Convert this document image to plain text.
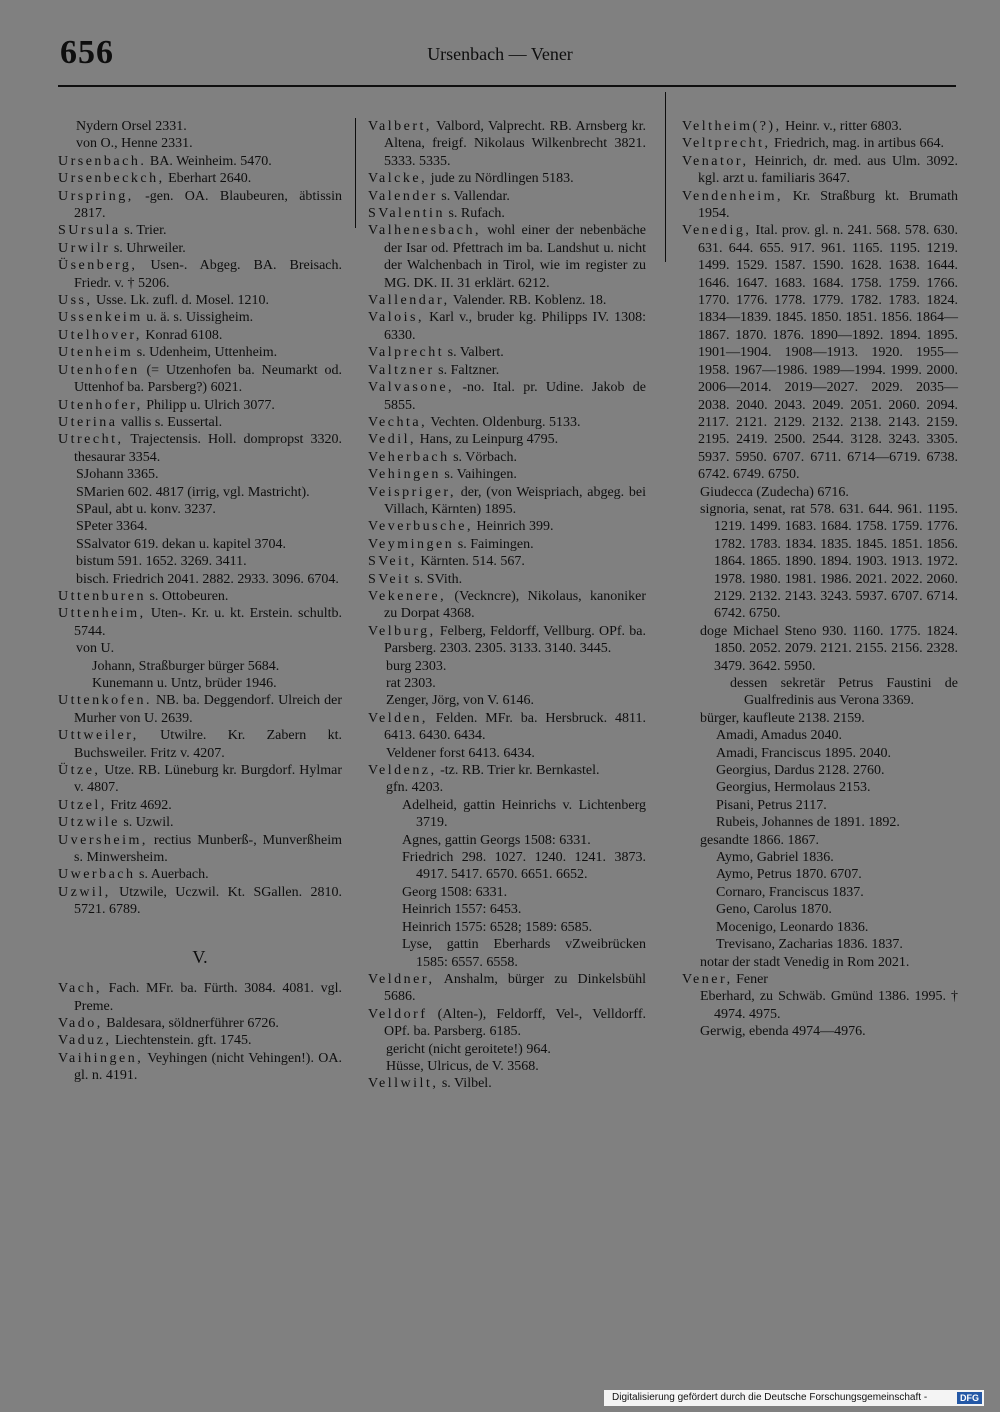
656	Ursenbach — Vener
Nydern Orsel 2331.
von O., Henne 2331.
Ursenbach. BA. Weinheim. 5470.
Ursenbeckch, Eberhart 2640.
Urspring, -gen. OA. Blaubeuren, äbtissin 2817.
SUrsula s. Trier.
Urwilr s. Uhrweiler.
Üsenberg, Usen-. Abgeg. BA. Breisach. Friedr. v. † 5206.
Uss, Usse. Lk. zufl. d. Mosel. 1210.
Ussenkeim u. ä. s. Uissigheim.
Utelhover, Konrad 6108.
Utenheim s. Udenheim, Uttenheim.
Utenhofen (= Utzenhofen ba. Neumarkt od. Uttenhof ba. Parsberg?) 6021.
Utenhofer, Philipp u. Ulrich 3077.
Uterina vallis s. Eussertal.
Utrecht, Trajectensis. Holl. dompropst 3320. thesaurar 3354.
SJohann 3365.
SMarien 602. 4817 (irrig, vgl. Mastricht).
SPaul, abt u. konv. 3237.
SPeter 3364.
SSalvator 619. dekan u. kapitel 3704.
bistum 591. 1652. 3269. 3411.
bisch. Friedrich 2041. 2882. 2933. 3096. 6704.
Uttenburen s. Ottobeuren.
Uttenheim, Uten-. Kr. u. kt. Erstein. schultb. 5744.
von U.
Johann, Straßburger bürger 5684.
Kunemann u. Untz, brüder 1946.
Uttenkofen. NB. ba. Deggendorf. Ulreich der Murher von U. 2639.
Uttweiler, Utwilre. Kr. Zabern kt. Buchsweiler. Fritz v. 4207.
Ütze, Utze. RB. Lüneburg kr. Burgdorf. Hylmar v. 4807.
Utzel, Fritz 4692.
Utzwile s. Uzwil.
Uversheim, rectius Munberß-, Munverßheim s. Minwersheim.
Uwerbach s. Auerbach.
Uzwil, Utzwile, Uczwil. Kt. SGallen. 2810. 5721. 6789.
V.
Vach, Fach. MFr. ba. Fürth. 3084. 4081. vgl. Preme.
Vado, Baldesara, söldnerführer 6726.
Vaduz, Liechtenstein. gft. 1745.
Vaihingen, Veyhingen (nicht Vehingen!). OA. gl. n. 4191.
Valbert, Valbord, Valprecht. RB. Arnsberg kr. Altena, freigf. Nikolaus Wilkenbrecht 3821. 5333. 5335.
Valcke, jude zu Nördlingen 5183.
Valender s. Vallendar.
SValentin s. Rufach.
Valhenesbach, wohl einer der nebenbäche der Isar od. Pfettrach im ba. Landshut u. nicht der Walchenbach in Tirol, wie im register zu MG. DK. II. 31 erklärt. 6212.
Vallendar, Valender. RB. Koblenz. 18.
Valois, Karl v., bruder kg. Philipps IV. 1308: 6330.
Valprecht s. Valbert.
Valtzner s. Faltzner.
Valvasone, -no. Ital. pr. Udine. Jakob de 5855.
Vechta, Vechten. Oldenburg. 5133.
Vedil, Hans, zu Leinpurg 4795.
Veherbach s. Vörbach.
Vehingen s. Vaihingen.
Veispriger, der, (von Weispriach, abgeg. bei Villach, Kärnten) 1895.
Veverbusche, Heinrich 399.
Veymingen s. Faimingen.
SVeit, Kärnten. 514. 567.
SVeit s. SVith.
Vekenere, (Veckncre), Nikolaus, kanoniker zu Dorpat 4368.
Velburg, Felberg, Feldorff, Vellburg. OPf. ba. Parsberg. 2303. 2305. 3133. 3140. 3445.
burg 2303.
rat 2303.
Zenger, Jörg, von V. 6146.
Velden, Felden. MFr. ba. Hersbruck. 4811. 6413. 6430. 6434.
Veldener forst 6413. 6434.
Veldenz, -tz. RB. Trier kr. Bernkastel.
gfn. 4203.
Adelheid, gattin Heinrichs v. Lichtenberg 3719.
Agnes, gattin Georgs 1508: 6331.
Friedrich 298. 1027. 1240. 1241. 3873. 4917. 5417. 6570. 6651. 6652.
Georg 1508: 6331.
Heinrich 1557: 6453.
Heinrich 1575: 6528; 1589: 6585.
Lyse, gattin Eberhards vZweibrücken 1585: 6557. 6558.
Veldner, Anshalm, bürger zu Dinkelsbühl 5686.
Veldorf (Alten-), Feldorff, Vel-, Velldorff. OPf. ba. Parsberg. 6185.
gericht (nicht geroitete!) 964.
Hüsse, Ulricus, de V. 3568.
Vellwilt, s. Vilbel.
Veltheim(?), Heinr. v., ritter 6803.
Veltprecht, Friedrich, mag. in artibus 664.
Venator, Heinrich, dr. med. aus Ulm. 3092. kgl. arzt u. familiaris 3647.
Vendenheim, Kr. Straßburg kt. Brumath 1954.
Venedig, Ital. prov. gl. n. 241. 568. 578. 630. 631. 644. 655. 917. 961. 1165. 1195. 1219. 1499. 1529. 1587. 1590. 1628. 1638. 1644. 1646. 1647. 1683. 1684. 1758. 1759. 1766. 1770. 1776. 1778. 1779. 1782. 1783. 1824. 1834—1839. 1845. 1850. 1851. 1856. 1864—1867. 1870. 1876. 1890—1892. 1894. 1895. 1901—1904. 1908—1913. 1920. 1955—1958. 1967—1986. 1989—1994. 1999. 2000. 2006—2014. 2019—2027. 2029. 2035—2038. 2040. 2043. 2049. 2051. 2060. 2094. 2117. 2121. 2129. 2132. 2138. 2143. 2159. 2195. 2419. 2500. 2544. 3128. 3243. 3305. 5937. 5950. 6707. 6711. 6714—6719. 6738. 6742. 6749. 6750.
Giudecca (Zudecha) 6716.
signoria, senat, rat 578. 631. 644. 961. 1195. 1219. 1499. 1683. 1684. 1758. 1759. 1776. 1782. 1783. 1834. 1835. 1845. 1851. 1856. 1864. 1865. 1890. 1894. 1903. 1913. 1972. 1978. 1980. 1981. 1986. 2021. 2022. 2060. 2129. 2132. 2143. 3243. 5937. 6707. 6714. 6742. 6750.
doge Michael Steno 930. 1160. 1775. 1824. 1850. 2052. 2079. 2121. 2155. 2156. 2328. 3479. 3642. 5950.
dessen sekretär Petrus Faustini de Gualfredinis aus Verona 3369.
bürger, kaufleute 2138. 2159.
Amadi, Amadus 2040.
Amadi, Franciscus 1895. 2040.
Georgius, Dardus 2128. 2760.
Georgius, Hermolaus 2153.
Pisani, Petrus 2117.
Rubeis, Johannes de 1891. 1892.
gesandte 1866. 1867.
Aymo, Gabriel 1836.
Aymo, Petrus 1870. 6707.
Cornaro, Franciscus 1837.
Geno, Carolus 1870.
Mocenigo, Leonardo 1836.
Trevisano, Zacharias 1836. 1837.
notar der stadt Venedig in Rom 2021.
Vener, Fener
Eberhard, zu Schwäb. Gmünd 1386. 1995. † 4974. 4975.
Gerwig, ebenda 4974—4976.
Digitalisierung gefördert durch die Deutsche Forschungsgemeinschaft -	DFG
